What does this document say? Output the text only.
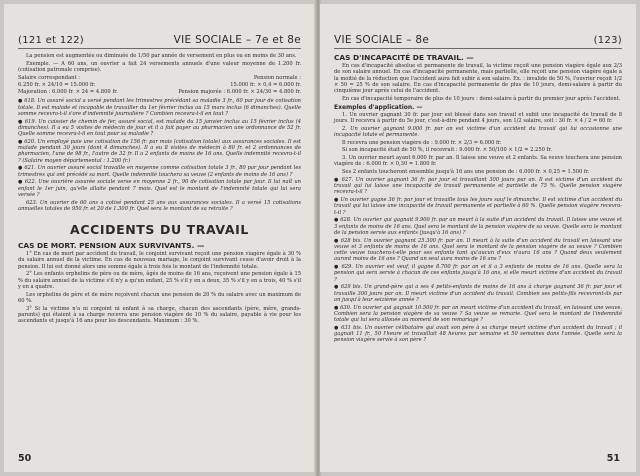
(121 et 122)	VIE SOCIALE – 7e et 8e

La pension est augmentée ou diminuée de 1/50 par année de versement en plus ou en moins de 30 ans.

Exemple. — A 60 ans, un ouvrier a fait 24 versements annuels d'une valeur moyenne de 1.200 fr. (cotisation patronale comprise).

Salaire correspondant :	Pension normale :
6.250 fr. × 24/10 = 15.000 fr.	15.000 fr. × 0,4 = 6.000 fr.
Majoration : 6.000 fr. × 24 = 4.800 fr.	Pension majorée : 6.000 fr. × 24/30 = 4.800 fr.

● 618. Un assuré social a versé pendant les trimestres précédant sa maladie 3 fr., 60 par jour de cotisation totale. Il est malade et incapable de travailler du 1er février inclus au 15 mars inclus (6 dimanches). Quelle somme recevra-t-il s'ore d'indemnité journalière ? Combien recevra-t-il en tout ?

● 619. Un caissier de chemin de fer, assuré social, est malade du 15 janvier inclus au 15 février inclus (4 dimanches). Il a eu 5 visites de médecin de jour et il a fait payer au pharmacien une ordonnance de 52 fr. Quelle somme recevra-t-il en tout pour sa maladie ?

● 620. Un employé paie une cotisation de 156 fr. par mois (cotisation totale) aux assurances sociales. Il est malade pendant 30 jours (dont 4 dimanches). Il a eu 8 visites de médecin à 80 fr. et 2 ordonnances de pharmacien, l'une de 98 fr., l'autre de 32 fr. Il a 2 enfants de moins de 16 ans. Quelle indemnité recevra-t-il ? (Salaire moyen départemental : 1.200 fr.)

● 621. Un ouvrier assuré social travaille en moyenne comme cotisation totale 3 fr., 80 par jour pendant les trimestres qui ont précédé sa mort. Quelle indemnité touchera sa veuve (2 enfants de moins de 16 ans) ?

● 622. Une ouvrière assurée sociale verse en moyenne 2 fr., 90 de cotisation totale par jour. Il lui naît un enfant le 1er juin, qu'elle allaite pendant 7 mois. Quel est le montant de l'indemnité totale qui lui sera versée ?

623. Un ouvrier de 60 ans a cotisé pendant 25 ans aux assurances sociales. Il a versé 15 cotisations annuelles totales de 950 fr. et 20 de 1.300 fr. Quel sera le montant de sa retraite ?

ACCIDENTS DU TRAVAIL
CAS DE MORT. PENSION AUX SURVIVANTS. —

1° En cas de mort par accident du travail, le conjoint survivant reçoit une pension viagère égale à 30 % du salaire annuel de la victime. En cas de nouveau mariage, le conjoint survivant cesse d'avoir droit à la pension. Il lui est donné alors une somme égale à trois fois le montant de l'indemnité totale.

2° Les enfants orphelins de père ou de mère, âgés de moins de 16 ans, reçoivent une pension égale à 15 % du salaire annuel de la victime s'il n'y a qu'un enfant, 25 % s'il y en a deux, 35 % s'il y en a trois, 40 % s'il y en a quatre.

Les orphelins de père et de mère reçoivent chacun une pension de 20 % du salaire avec un maximum de 60 %.

3° Si la victime n'a ni conjoint ni enfant à sa charge, chacun des ascendants (père, mère, grands-parents) qui étaient à sa charge recevra une pension viagère de 10 % du salaire, payable à vie pour les ascendants et jusqu'à 16 ans pour les descendants. Maximum : 30 %.

50
VIE SOCIALE – 8e	(123)
CAS D'INCAPACITÉ DE TRAVAIL. —

En cas d'incapacité absolue et permanente de travail, la victime reçoit une pension viagère égale aux 2/3 de son salaire annuel. En cas d'incapacité permanente, mais partielle, elle reçoit une pension viagère égale à la moitié de la réduction que l'accident aura fait subir à son salaire. Ex. : invalide de 50 %, l'ouvrier reçoit 1/2 × 50 = 25 % de son salaire. En cas d'incapacité permanente de plus de 10 jours, demi-salaire à partir du cinquième jour après celui de l'accident.

En cas d'incapacité temporaire de plus de 10 jours : demi-salaire à partir du premier jour après l'accident.

Exemples d'application. —

1. Un ouvrier gagnant 30 fr. par jour est blessé dans son travail et subit une incapacité de travail de 8 jours. Il recevra à partir du 5e jour, c'est-à-dire pendant 4 jours, son 1/2 salaire, soit : 30 fr. × 4 / 2 = 60 fr.

2. Un ouvrier gagnant 9.000 fr. par an est victime d'un accident du travail qui lui occasionne une incapacité totale et permanente.

Il recevra une pension viagère de : 9.000 fr. × 2/3 = 6.000 fr.

Si son incapacité était de 50 %, il recevrait : 9.000 fr. × 50/100 × 1/2 = 2.250 fr.

3. Un ouvrier meurt ayant 6.000 fr. par an. Il laisse une veuve et 2 enfants. Sa veuve touchera une pension viagère de : 6.000 fr. × 0,30 = 1.800 fr.

Ses 2 enfants toucheront ensemble jusqu'à 16 ans une pension de : 6.000 fr. × 0,25 = 1.500 fr.

● 627. Un ouvrier gagnant 36 fr. par jour et travaillant 300 jours par an. Il est victime d'un accident du travail qui lui laisse une incapacité de travail permanente et partielle de 75 %. Quelle pension viagère recevra-t-il ?

● Un ouvrier gagne 36 fr. par jour et travaille tous les jours sauf le dimanche. Il est victime d'un accident du travail qui lui laisse une incapacité de travail permanente et partielle à 60 %. Quelle pension viagère recevra-t-il ?

● 628. Un ouvrier qui gagnait 9.900 fr. par an meurt à la suite d'un accident du travail. Il laisse une veuve et 3 enfants de moins de 16 ans. Quel sera le montant de la pension viagère de sa veuve. Quelle sera le montant de la pension servie aux enfants (jusqu'à 16 ans) ?

● 628 bis. Un ouvrier gagnant 25.300 fr. par an. Il meurt à la suite d'un accident du travail en laissant une veuve et 3 enfants de moins de 16 ans. Quel sera le montant de la pension viagère de sa veuve ? Combien cette veuve touchera-t-elle pour ses enfants tant qu'aucun d'eux n'aura 16 ans ? Quand deux seulement auront moins de 16 ans ? Quand un seul aura moins de 16 ans ?

● 629. Un ouvrier est veuf, il gagne 8.700 fr. par an et il a 3 enfants de moins de 16 ans. Quelle sera la pension qui sera servie à chacun de ces enfants jusqu'à 16 ans, si elle meurt victime d'un accident du travail ?

● 629 bis. Un grand-père qui a ses 4 petits-enfants de moins de 16 ans à charge gagnant 36 fr. par jour et travaille 300 jours par an. Il meurt victime d'un accident du travail. Combien ses petits-fils recevront-ils par an jusqu'à leur seizième année ?

● 630. Un ouvrier qui gagnait 10.500 fr. par an meurt victime d'un accident du travail, en laissant une veuve. Combien sera la pension viagère de sa veuve ? Sa veuve se remarie. Quel sera le montant de l'indemnité totale qui lui sera allouée au moment de son remariage ?

● 631 bis. Un ouvrier célibataire qui avait son père à sa charge meurt victime d'un accident du travail ; il gagnait 11 fr., 50 l'heure et travaillait 48 heures par semaine et 50 semaines dans l'année. Quelle sera la pension viagère servie à son père ?

51
